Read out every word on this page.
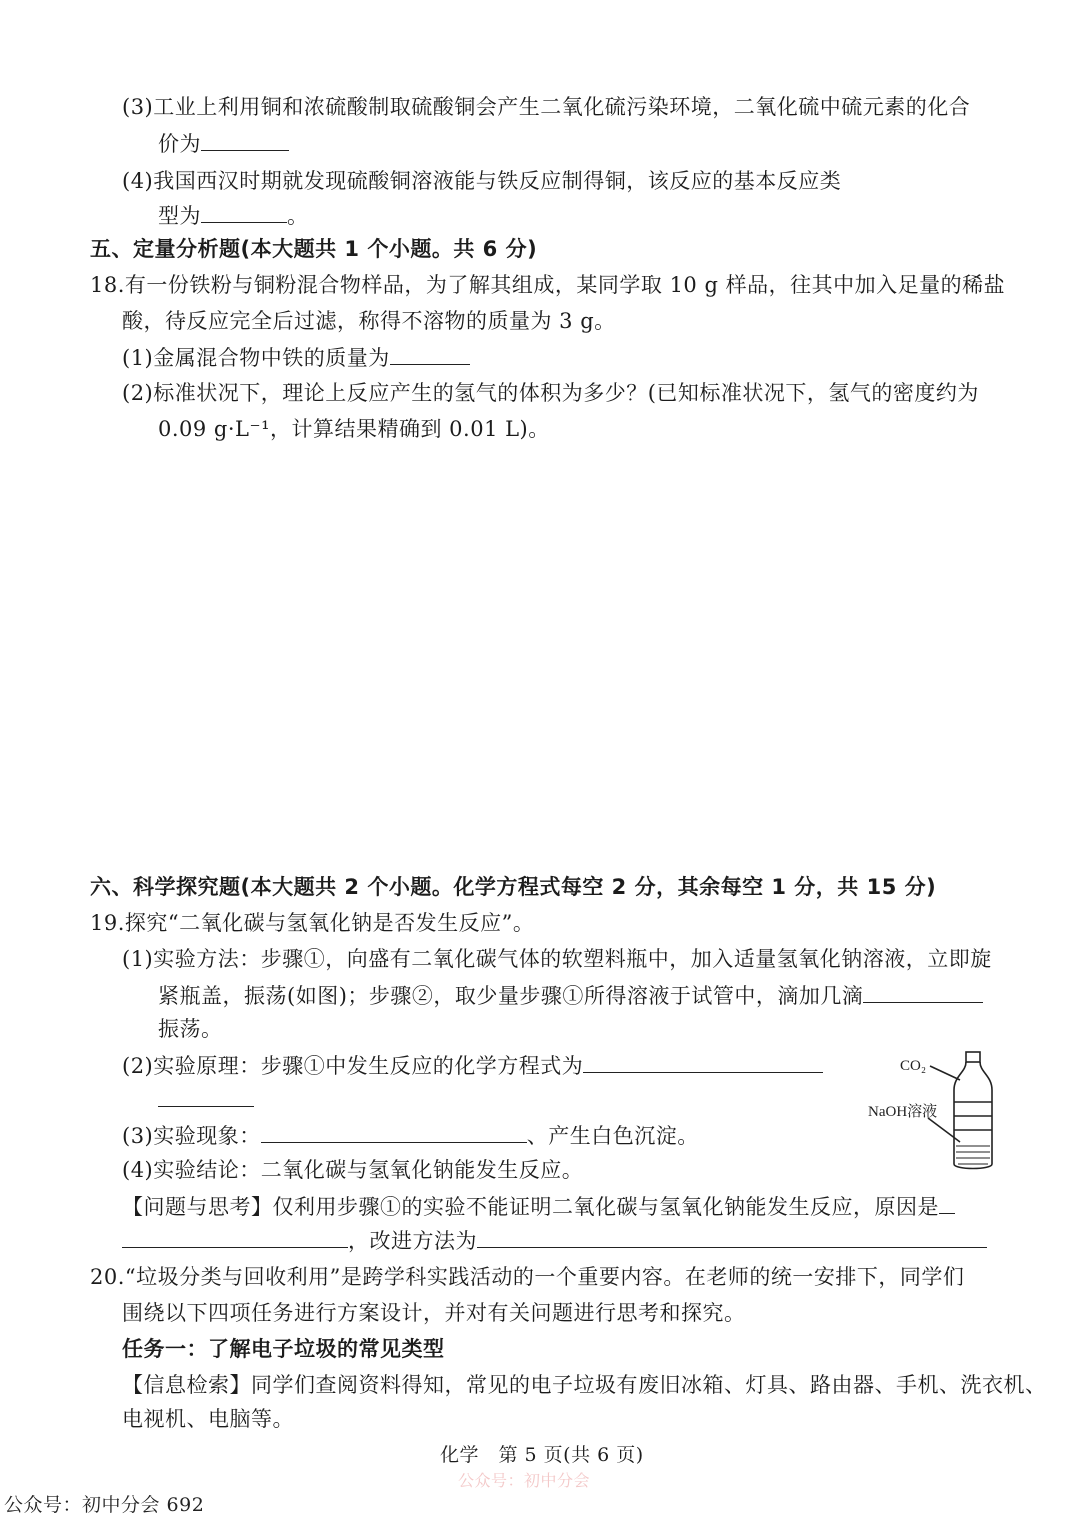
(3)工业上利用铜和浓硫酸制取硫酸铜会产生二氧化硫污染环境，二氧化硫中硫元素的化合
价为
(4)我国西汉时期就发现硫酸铜溶液能与铁反应制得铜，该反应的基本反应类
型为	。
五、定量分析题(本大题共 1 个小题。共 6 分)
18.有一份铁粉与铜粉混合物样品，为了解其组成，某同学取 10 g 样品，往其中加入足量的稀盐
酸，待反应完全后过滤，称得不溶物的质量为 3 g。
(1)金属混合物中铁的质量为
(2)标准状况下，理论上反应产生的氢气的体积为多少？(已知标准状况下，氢气的密度约为
0.09 g·L⁻¹，计算结果精确到 0.01 L)。
六、科学探究题(本大题共 2 个小题。化学方程式每空 2 分，其余每空 1 分，共 15 分)
19.探究“二氧化碳与氢氧化钠是否发生反应”。
(1)实验方法：步骤①，向盛有二氧化碳气体的软塑料瓶中，加入适量氢氧化钠溶液，立即旋
紧瓶盖，振荡(如图)；步骤②，取少量步骤①所得溶液于试管中，滴加几滴
振荡。
(2)实验原理：步骤①中发生反应的化学方程式为
(3)实验现象：	、产生白色沉淀。
(4)实验结论：二氧化碳与氢氧化钠能发生反应。
【问题与思考】仅利用步骤①的实验不能证明二氧化碳与氢氧化钠能发生反应，原因是
，改进方法为
CO₂
NaOH溶液
20.“垃圾分类与回收利用”是跨学科实践活动的一个重要内容。在老师的统一安排下，同学们
围绕以下四项任务进行方案设计，并对有关问题进行思考和探究。
任务一：了解电子垃圾的常见类型
【信息检索】同学们查阅资料得知，常见的电子垃圾有废旧冰箱、灯具、路由器、手机、洗衣机、
电视机、电脑等。
化学　第 5 页(共 6 页)
公众号：初中分会
公众号：初中分会 692
